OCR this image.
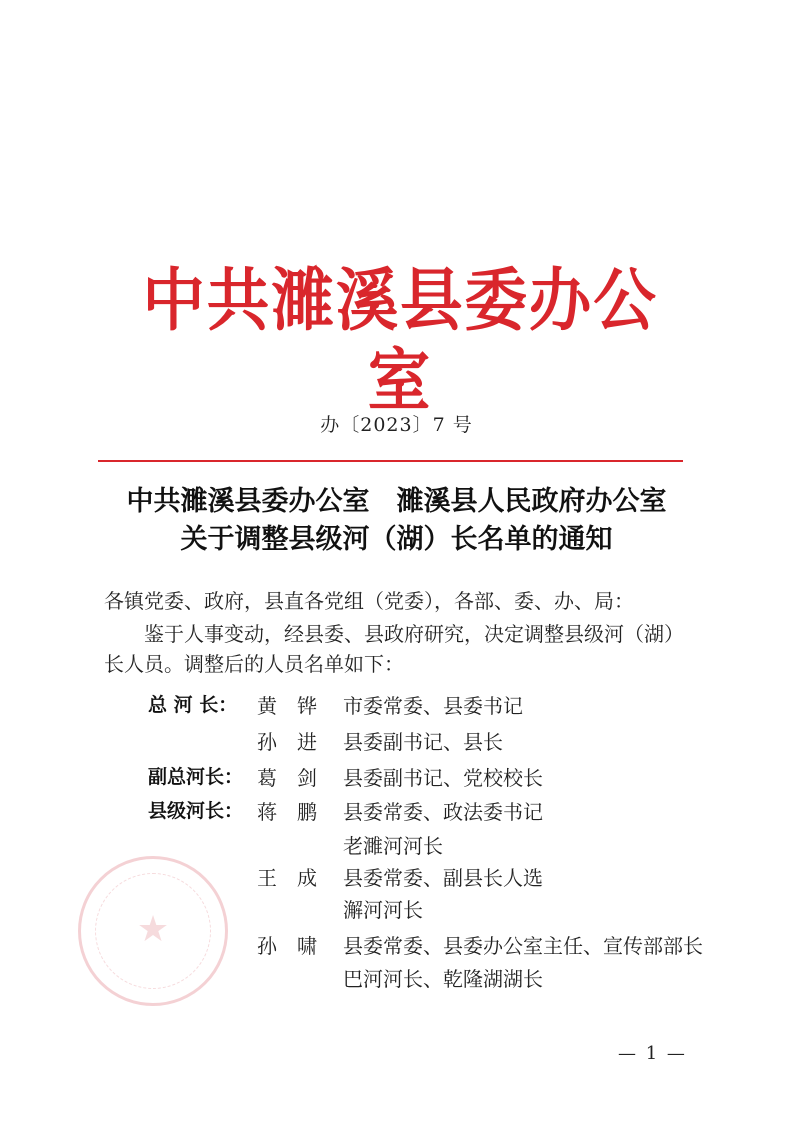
中共濉溪县委办公室
办〔2023〕7 号
中共濉溪县委办公室　濉溪县人民政府办公室
关于调整县级河（湖）长名单的通知
各镇党委、政府，县直各党组（党委），各部、委、办、局：
鉴于人事变动，经县委、县政府研究，决定调整县级河（湖）
长人员。调整后的人员名单如下：
总 河 长： 黄　铧 市委常委、县委书记
孙　进 县委副书记、县长
副总河长： 葛　剑 县委副书记、党校校长
县级河长： 蒋　鹏 县委常委、政法委书记
老濉河河长
王　成 县委常委、副县长人选
澥河河长
孙　啸 县委常委、县委办公室主任、宣传部部长
巴河河长、乾隆湖湖长
★
— 1 —
